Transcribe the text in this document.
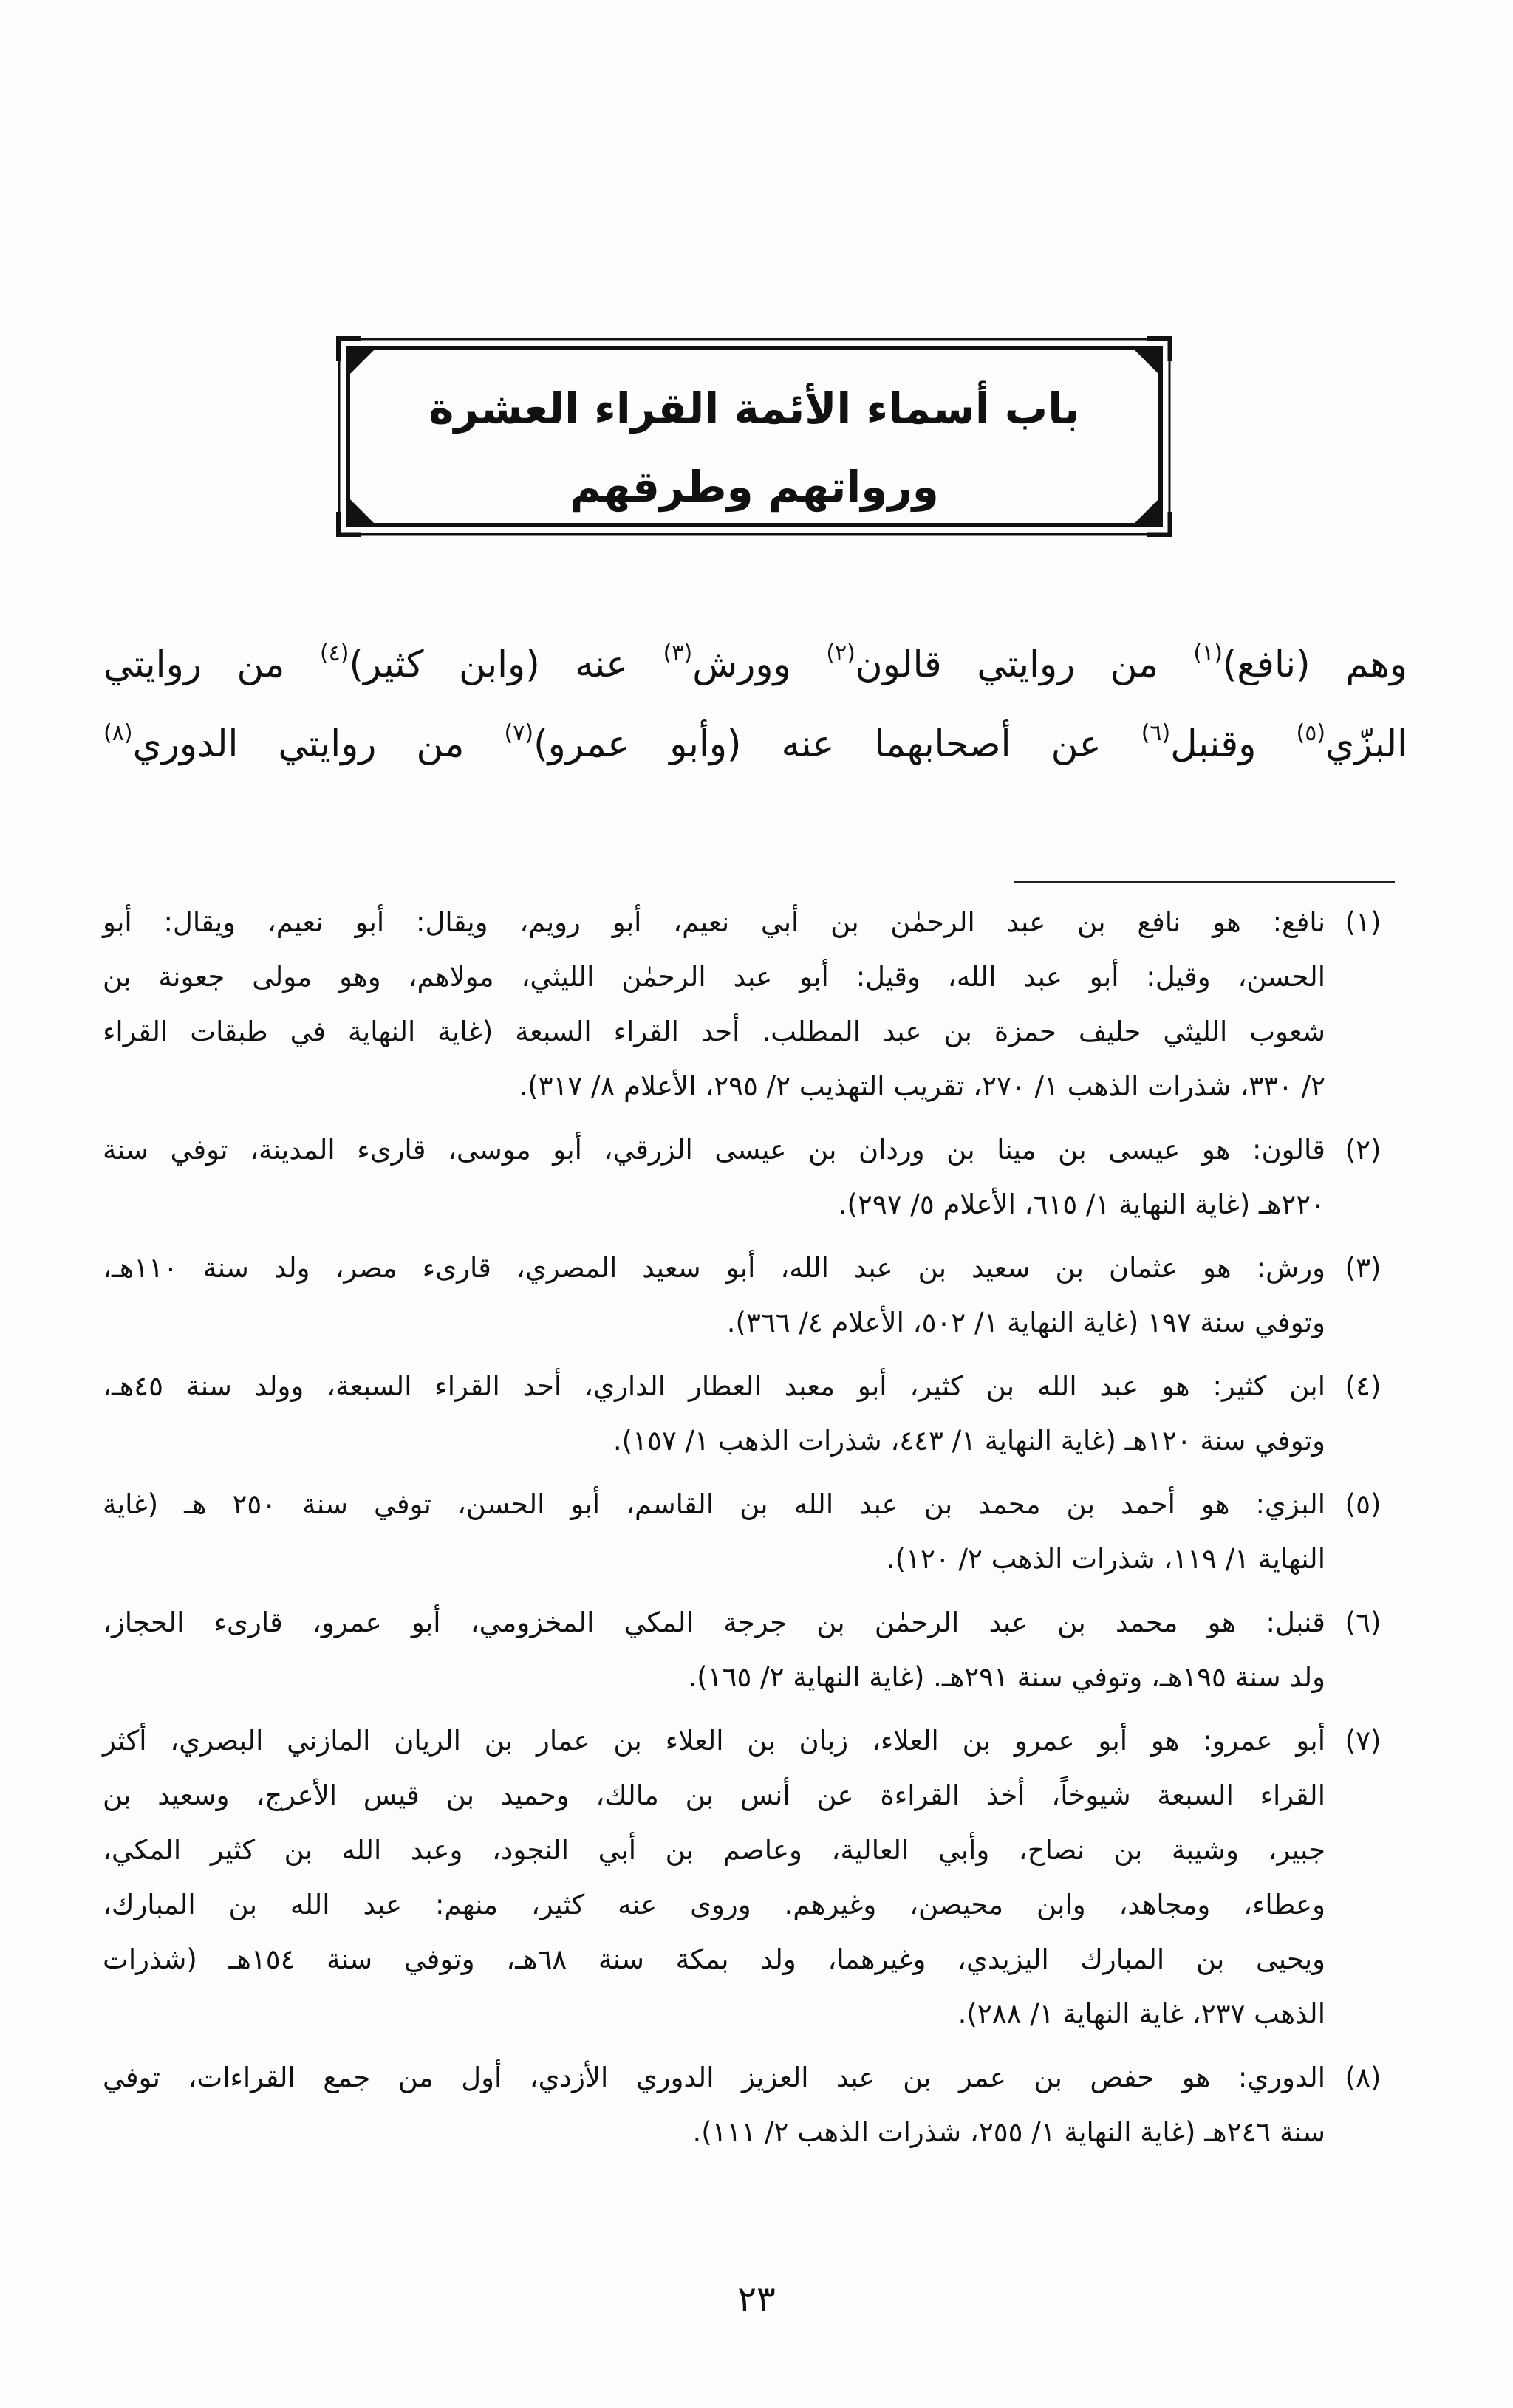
باب أسماء الأئمة القراء العشرة
ورواتهم وطرقهم
وهم (نافع)$^{(١)}$ من روايتي قالون$^{(٢)}$ وورش$^{(٣)}$ عنه (وابن كثير)$^{(٤)}$ من روايتي
البزّي$^{(٥)}$ وقنبل$^{(٦)}$ عن أصحابهما عنه (وأبو عمرو)$^{(٧)}$ من روايتي الدوري$^{(٨)}$
(١)
نافع: هو نافع بن عبد الرحمٰن بن أبي نعيم، أبو رويم، ويقال: أبو نعيم، ويقال: أبو
الحسن، وقيل: أبو عبد الله، وقيل: أبو عبد الرحمٰن الليثي، مولاهم، وهو مولى جعونة بن
شعوب الليثي حليف حمزة بن عبد المطلب. أحد القراء السبعة (غاية النهاية في طبقات القراء
٢/ ٣٣٠، شذرات الذهب ١/ ٢٧٠، تقريب التهذيب ٢/ ٢٩٥، الأعلام ٨/ ٣١٧).
(٢)
قالون: هو عيسى بن مينا بن وردان بن عيسى الزرقي، أبو موسى، قارىء المدينة، توفي سنة
٢٢٠هـ (غاية النهاية ١/ ٦١٥، الأعلام ٥/ ٢٩٧).
(٣)
ورش: هو عثمان بن سعيد بن عبد الله، أبو سعيد المصري، قارىء مصر، ولد سنة ١١٠هـ،
وتوفي سنة ١٩٧ (غاية النهاية ١/ ٥٠٢، الأعلام ٤/ ٣٦٦).
(٤)
ابن كثير: هو عبد الله بن كثير، أبو معبد العطار الداري، أحد القراء السبعة، وولد سنة ٤٥هـ،
وتوفي سنة ١٢٠هـ (غاية النهاية ١/ ٤٤٣، شذرات الذهب ١/ ١٥٧).
(٥)
البزي: هو أحمد بن محمد بن عبد الله بن القاسم، أبو الحسن، توفي سنة ٢٥٠ هـ (غاية
النهاية ١/ ١١٩، شذرات الذهب ٢/ ١٢٠).
(٦)
قنبل: هو محمد بن عبد الرحمٰن بن جرجة المكي المخزومي، أبو عمرو، قارىء الحجاز،
ولد سنة ١٩٥هـ، وتوفي سنة ٢٩١هـ. (غاية النهاية ٢/ ١٦٥).
(٧)
أبو عمرو: هو أبو عمرو بن العلاء، زبان بن العلاء بن عمار بن الريان المازني البصري، أكثر
القراء السبعة شيوخاً، أخذ القراءة عن أنس بن مالك، وحميد بن قيس الأعرج، وسعيد بن
جبير، وشيبة بن نصاح، وأبي العالية، وعاصم بن أبي النجود، وعبد الله بن كثير المكي،
وعطاء، ومجاهد، وابن محيصن، وغيرهم. وروى عنه كثير، منهم: عبد الله بن المبارك،
ويحيى بن المبارك اليزيدي، وغيرهما، ولد بمكة سنة ٦٨هـ، وتوفي سنة ١٥٤هـ (شذرات
الذهب ٢٣٧، غاية النهاية ١/ ٢٨٨).
(٨)
الدوري: هو حفص بن عمر بن عبد العزيز الدوري الأزدي، أول من جمع القراءات، توفي
سنة ٢٤٦هـ (غاية النهاية ١/ ٢٥٥، شذرات الذهب ٢/ ١١١).
٢٣
